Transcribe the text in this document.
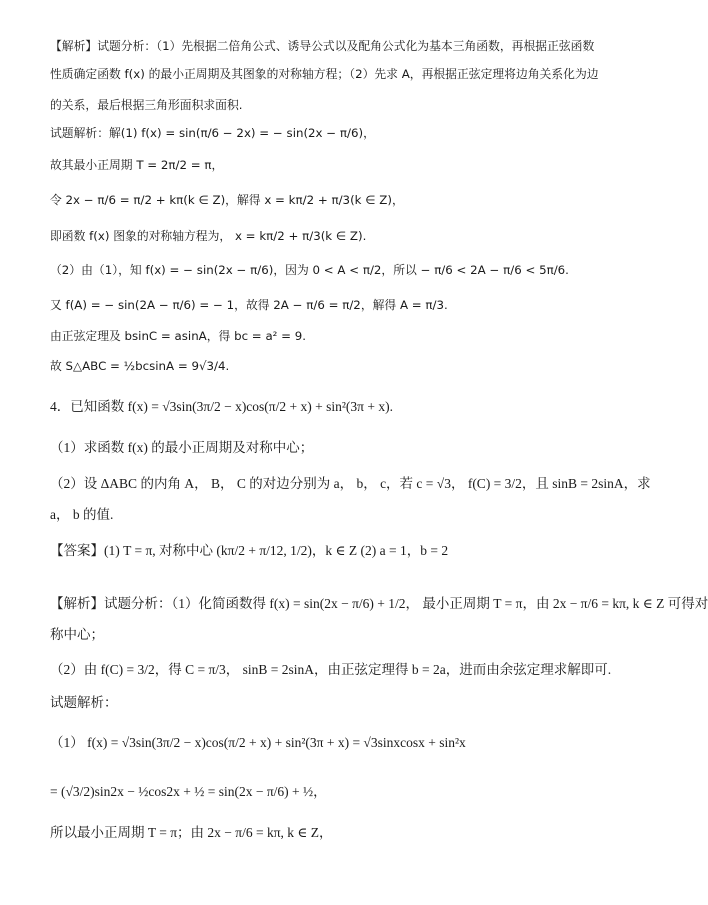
【解析】试题分析：（1）先根据二倍角公式、诱导公式以及配角公式化为基本三角函数，再根据正弦函数
性质确定函数 f(x) 的最小正周期及其图象的对称轴方程；（2）先求 A，再根据正弦定理将边角关系化为边
的关系，最后根据三角形面积求面积.
试题解析：解(1) f(x) = sin(π/6 − 2x) = − sin(2x − π/6)，
故其最小正周期 T = 2π/2 = π，
令 2x − π/6 = π/2 + kπ(k ∈ Z)，解得 x = kπ/2 + π/3(k ∈ Z)，
即函数 f(x) 图象的对称轴方程为， x = kπ/2 + π/3(k ∈ Z).
（2）由（1），知 f(x) = − sin(2x − π/6)，因为 0 < A < π/2，所以 − π/6 < 2A − π/6 < 5π/6.
又 f(A) = − sin(2A − π/6) = − 1，故得 2A − π/6 = π/2，解得 A = π/3.
由正弦定理及 bsinC = asinA，得 bc = a² = 9.
故 S△ABC = ½bcsinA = 9√3/4.
4．已知函数 f(x) = √3sin(3π/2 − x)cos(π/2 + x) + sin²(3π + x).
（1）求函数 f(x) 的最小正周期及对称中心；
（2）设 ΔABC 的内角 A， B， C 的对边分别为 a， b， c，若 c = √3， f(C) = 3/2，且 sinB = 2sinA，求
a， b 的值.
【答案】(1) T = π, 对称中心 (kπ/2 + π/12, 1/2)，k ∈ Z (2) a = 1，b = 2
【解析】试题分析：（1）化简函数得 f(x) = sin(2x − π/6) + 1/2， 最小正周期 T = π，由 2x − π/6 = kπ, k ∈ Z 可得对
称中心；
（2）由 f(C) = 3/2，得 C = π/3， sinB = 2sinA，由正弦定理得 b = 2a，进而由余弦定理求解即可.
试题解析：
（1） f(x) = √3sin(3π/2 − x)cos(π/2 + x) + sin²(3π + x) = √3sinxcosx + sin²x
= (√3/2)sin2x − ½cos2x + ½ = sin(2x − π/6) + ½，
所以最小正周期 T = π；由 2x − π/6 = kπ, k ∈ Z，
